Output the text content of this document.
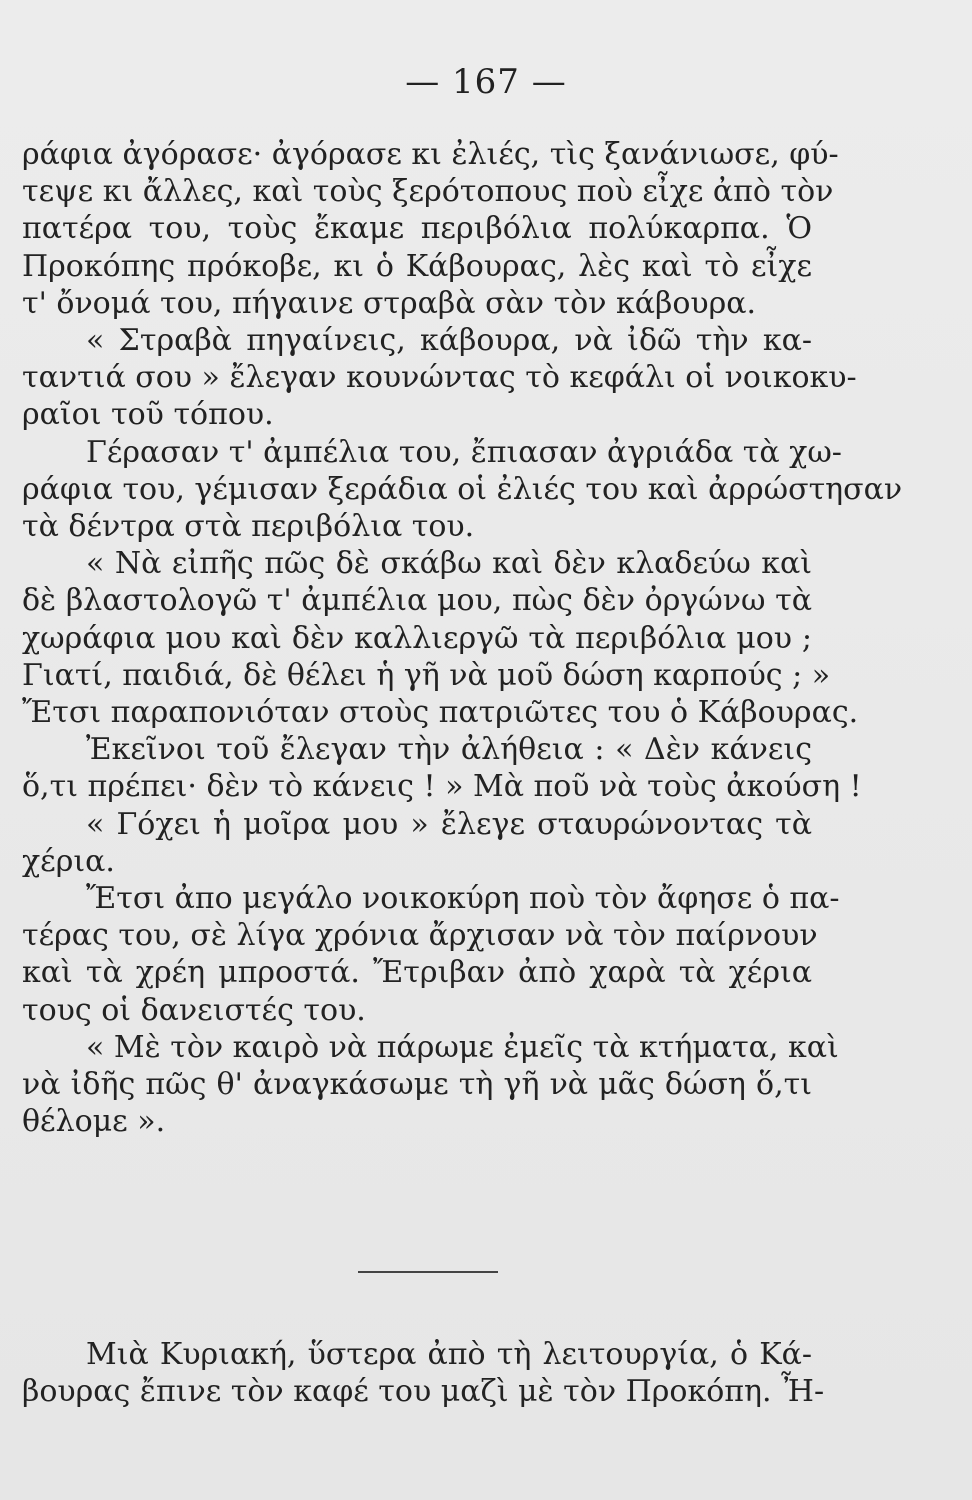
— 167 —
ράφια ἀγόρασε· ἀγόρασε κι ἐλιές, τὶς ξανάνιωσε, φύ-
τεψε κι ἄλλες, καὶ τοὺς ξερότοπους ποὺ εἶχε ἀπὸ τὸν
πατέρα του, τοὺς ἔκαμε περιβόλια πολύκαρπα. Ὁ
Προκόπης πρόκοβε, κι ὁ Κάβουρας, λὲς καὶ τὸ εἶχε
τ' ὄνομά του, πήγαινε στραβὰ σὰν τὸν κάβουρα.
« Στραβὰ πηγαίνεις, κάβουρα, νὰ ἰδῶ τὴν κα-
ταντιά σου » ἔλεγαν κουνώντας τὸ κεφάλι οἱ νοικοκυ-
ραῖοι τοῦ τόπου.
Γέρασαν τ' ἀμπέλια του, ἔπιασαν ἀγριάδα τὰ χω-
ράφια του, γέμισαν ξεράδια οἱ ἐλιές του καὶ ἀρρώστησαν
τὰ δέντρα στὰ περιβόλια του.
« Νὰ εἰπῆς πῶς δὲ σκάβω καὶ δὲν κλαδεύω καὶ
δὲ βλαστολογῶ τ' ἀμπέλια μου, πὼς δὲν ὀργώνω τὰ
χωράφια μου καὶ δὲν καλλιεργῶ τὰ περιβόλια μου ;
Γιατί, παιδιά, δὲ θέλει ἡ γῆ νὰ μοῦ δώση καρπούς ; »
Ἔτσι παραπονιόταν στοὺς πατριῶτες του ὁ Κάβουρας.
Ἐκεῖνοι τοῦ ἔλεγαν τὴν ἀλήθεια : « Δὲν κάνεις
ὅ,τι πρέπει· δὲν τὸ κάνεις ! » Μὰ ποῦ νὰ τοὺς ἀκούση !
« Γόχει ἡ μοῖρα μου » ἔλεγε σταυρώνοντας τὰ
χέρια.
Ἔτσι ἀπο μεγάλο νοικοκύρη ποὺ τὸν ἄφησε ὁ πα-
τέρας του, σὲ λίγα χρόνια ἄρχισαν νὰ τὸν παίρνουν
καὶ τὰ χρέη μπροστά. Ἔτριβαν ἀπὸ χαρὰ τὰ χέρια
τους οἱ δανειστές του.
« Μὲ τὸν καιρὸ νὰ πάρωμε ἐμεῖς τὰ κτήματα, καὶ
νὰ ἰδῆς πῶς θ' ἀναγκάσωμε τὴ γῆ νὰ μᾶς δώση ὅ,τι
θέλομε ».
Μιὰ Κυριακή, ὕστερα ἀπὸ τὴ λειτουργία, ὁ Κά-
βουρας ἔπινε τὸν καφέ του μαζὶ μὲ τὸν Προκόπη. Ἦ-
